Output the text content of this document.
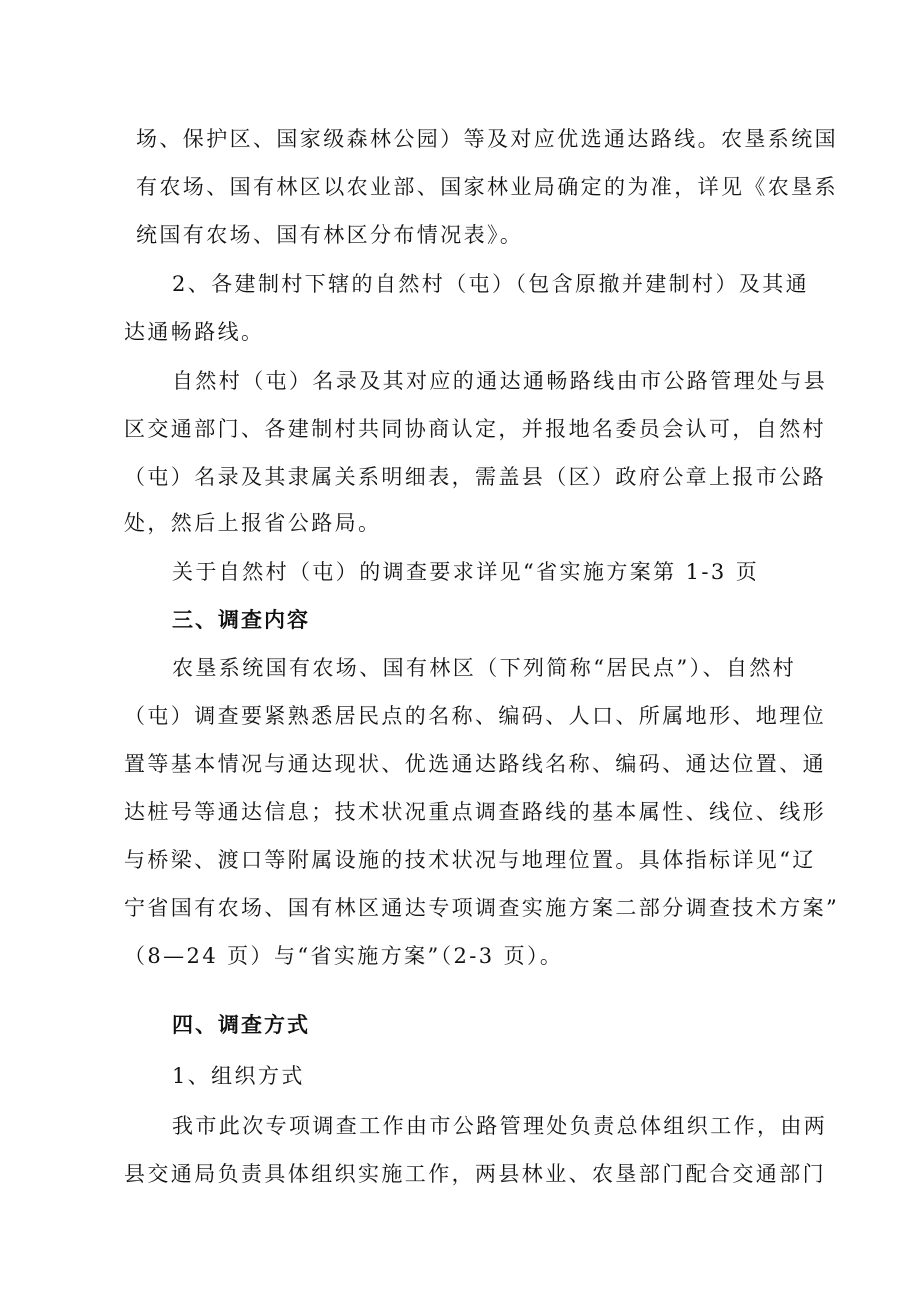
场、保护区、国家级森林公园）等及对应优选通达路线。农垦系统国
有农场、国有林区以农业部、国家林业局确定的为准，详见《农垦系
统国有农场、国有林区分布情况表》。
2、各建制村下辖的自然村（屯）（包含原撤并建制村）及其通
达通畅路线。
自然村（屯）名录及其对应的通达通畅路线由市公路管理处与县
区交通部门、各建制村共同协商认定，并报地名委员会认可，自然村
（屯）名录及其隶属关系明细表，需盖县（区）政府公章上报市公路
处，然后上报省公路局。
关于自然村（屯）的调查要求详见“省实施方案第 1-3 页
三、调查内容
农垦系统国有农场、国有林区（下列简称“居民点”）、自然村
（屯）调查要紧熟悉居民点的名称、编码、人口、所属地形、地理位
置等基本情况与通达现状、优选通达路线名称、编码、通达位置、通
达桩号等通达信息；技术状况重点调查路线的基本属性、线位、线形
与桥梁、渡口等附属设施的技术状况与地理位置。具体指标详见“辽
宁省国有农场、国有林区通达专项调查实施方案二部分调查技术方案”
（8—24 页）与“省实施方案”（2-3 页）。
四、调查方式
1、组织方式
我市此次专项调查工作由市公路管理处负责总体组织工作，由两
县交通局负责具体组织实施工作，两县林业、农垦部门配合交通部门
